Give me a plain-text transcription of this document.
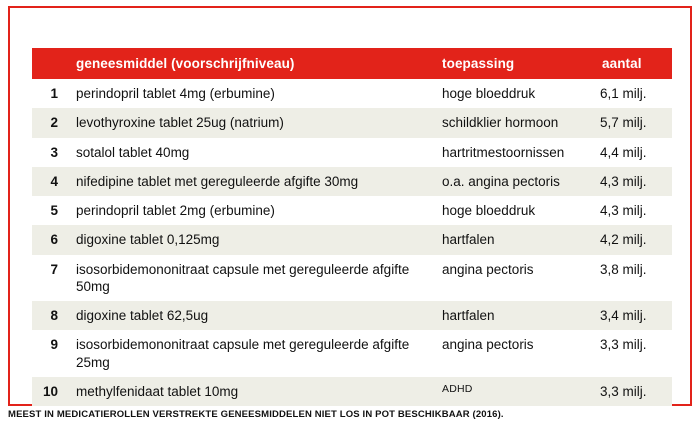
	geneesmiddel (voorschrijfniveau)	toepassing	aantal
1	perindopril tablet 4mg (erbumine)	hoge bloeddruk	6,1 milj.
2	levothyroxine tablet 25ug (natrium)	schildklier hormoon	5,7 milj.
3	sotalol tablet 40mg	hartritmestoornissen	4,4 milj.
4	nifedipine tablet met gereguleerde afgifte 30mg	o.a. angina pectoris	4,3 milj.
5	perindopril tablet 2mg (erbumine)	hoge bloeddruk	4,3 milj.
6	digoxine tablet 0,125mg	hartfalen	4,2 milj.
7	isosorbidemononitraat capsule met gereguleerde afgifte 50mg	angina pectoris	3,8 milj.
8	digoxine tablet 62,5ug	hartfalen	3,4 milj.
9	isosorbidemononitraat capsule met gereguleerde afgifte 25mg	angina pectoris	3,3 milj.
10	methylfenidaat tablet 10mg	ADHD	3,3 milj.
MEEST IN MEDICATIEROLLEN VERSTREKTE GENEESMIDDELEN NIET LOS IN POT BESCHIKBAAR (2016).
